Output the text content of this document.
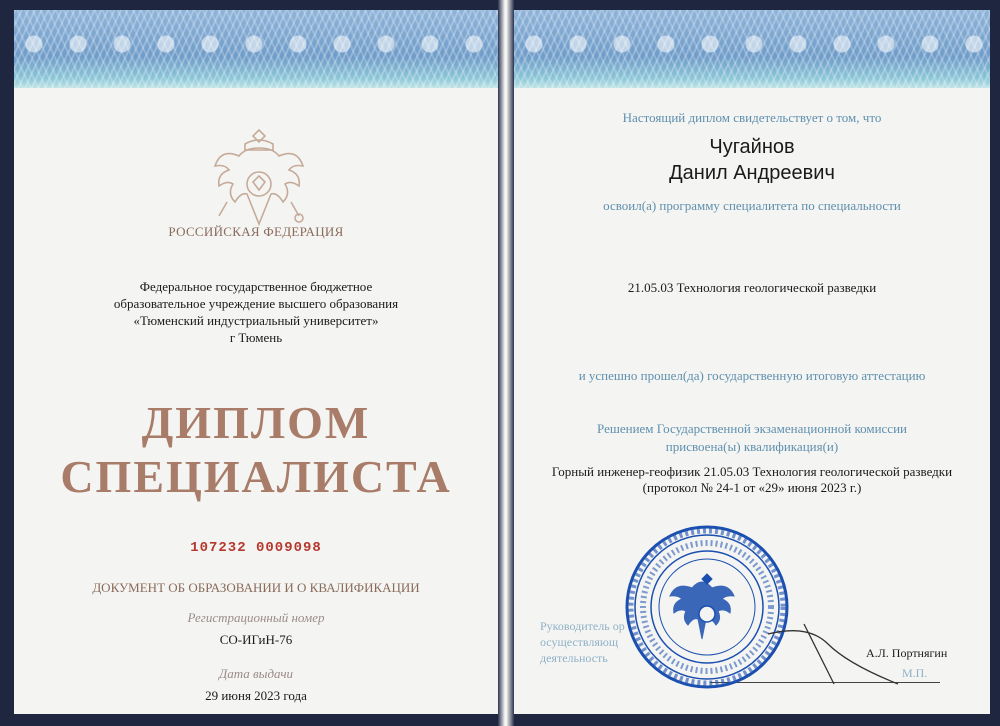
РОССИЙСКАЯ ФЕДЕРАЦИЯ
Федеральное государственное бюджетное
образовательное учреждение высшего образования
«Тюменский индустриальный университет»
г Тюмень
ДИПЛОМ
СПЕЦИАЛИСТА
107232 0009098
ДОКУМЕНТ ОБ ОБРАЗОВАНИИ И О КВАЛИФИКАЦИИ
Регистрационный номер
СО-ИГиН-76
Дата выдачи
29 июня 2023 года
Настоящий диплом свидетельствует о том, что
Чугайнов
Данил Андреевич
освоил(а) программу специалитета по специальности
21.05.03 Технология геологической разведки
и успешно прошел(да) государственную итоговую аттестацию
Решением Государственной экзаменационной комиссии
присвоена(ы) квалификация(и)
Горный инженер-геофизик 21.05.03 Технология геологической разведки
(протокол № 24-1 от «29» июня 2023 г.)
Руководитель ор
осуществляющ
деятельность	А.Л. Портнягин
М.П.
